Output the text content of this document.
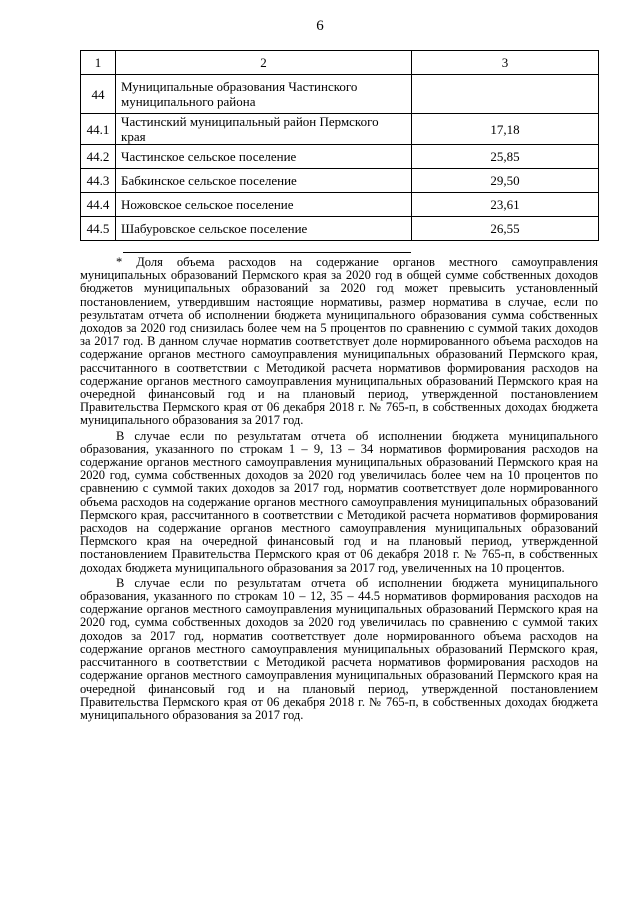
6
1	2	3
44	Муниципальные образования Частинского муниципального района	
44.1	Частинский муниципальный район Пермского края	17,18
44.2	Частинское сельское поселение	25,85
44.3	Бабкинское сельское поселение	29,50
44.4	Ножовское сельское поселение	23,61
44.5	Шабуровское сельское поселение	26,55

* Доля объема расходов на содержание органов местного самоуправления муниципальных образований Пермского края за 2020 год в общей сумме собственных доходов бюджетов муниципальных образований за 2020 год может превысить установленный постановлением, утвердившим настоящие нормативы, размер норматива в случае, если по результатам отчета об исполнении бюджета муниципального образования сумма собственных доходов за 2020 год снизилась более чем на 5 процентов по сравнению с суммой таких доходов за 2017 год. В данном случае норматив соответствует доле нормированного объема расходов на содержание органов местного самоуправления муниципальных образований Пермского края, рассчитанного в соответствии с Методикой расчета нормативов формирования расходов на содержание органов местного самоуправления муниципальных образований Пермского края на очередной финансовый год и на плановый период, утвержденной постановлением Правительства Пермского края от 06 декабря 2018 г. № 765-п, в собственных доходах бюджета муниципального образования за 2017 год.

В случае если по результатам отчета об исполнении бюджета муниципального образования, указанного по строкам 1 – 9, 13 – 34 нормативов формирования расходов на содержание органов местного самоуправления муниципальных образований Пермского края на 2020 год, сумма собственных доходов за 2020 год увеличилась более чем на 10 процентов по сравнению с суммой таких доходов за 2017 год, норматив соответствует доле нормированного объема расходов на содержание органов местного самоуправления муниципальных образований Пермского края, рассчитанного в соответствии с Методикой расчета нормативов формирования расходов на содержание органов местного самоуправления муниципальных образований Пермского края на очередной финансовый год и на плановый период, утвержденной постановлением Правительства Пермского края от 06 декабря 2018 г. № 765-п, в собственных доходах бюджета муниципального образования за 2017 год, увеличенных на 10 процентов.

В случае если по результатам отчета об исполнении бюджета муниципального образования, указанного по строкам 10 – 12, 35 – 44.5 нормативов формирования расходов на содержание органов местного самоуправления муниципальных образований Пермского края на 2020 год, сумма собственных доходов за 2020 год увеличилась по сравнению с суммой таких доходов за 2017 год, норматив соответствует доле нормированного объема расходов на содержание органов местного самоуправления муниципальных образований Пермского края, рассчитанного в соответствии с Методикой расчета нормативов формирования расходов на содержание органов местного самоуправления муниципальных образований Пермского края на очередной финансовый год и на плановый период, утвержденной постановлением Правительства Пермского края от 06 декабря 2018 г. № 765-п, в собственных доходах бюджета муниципального образования за 2017 год.
